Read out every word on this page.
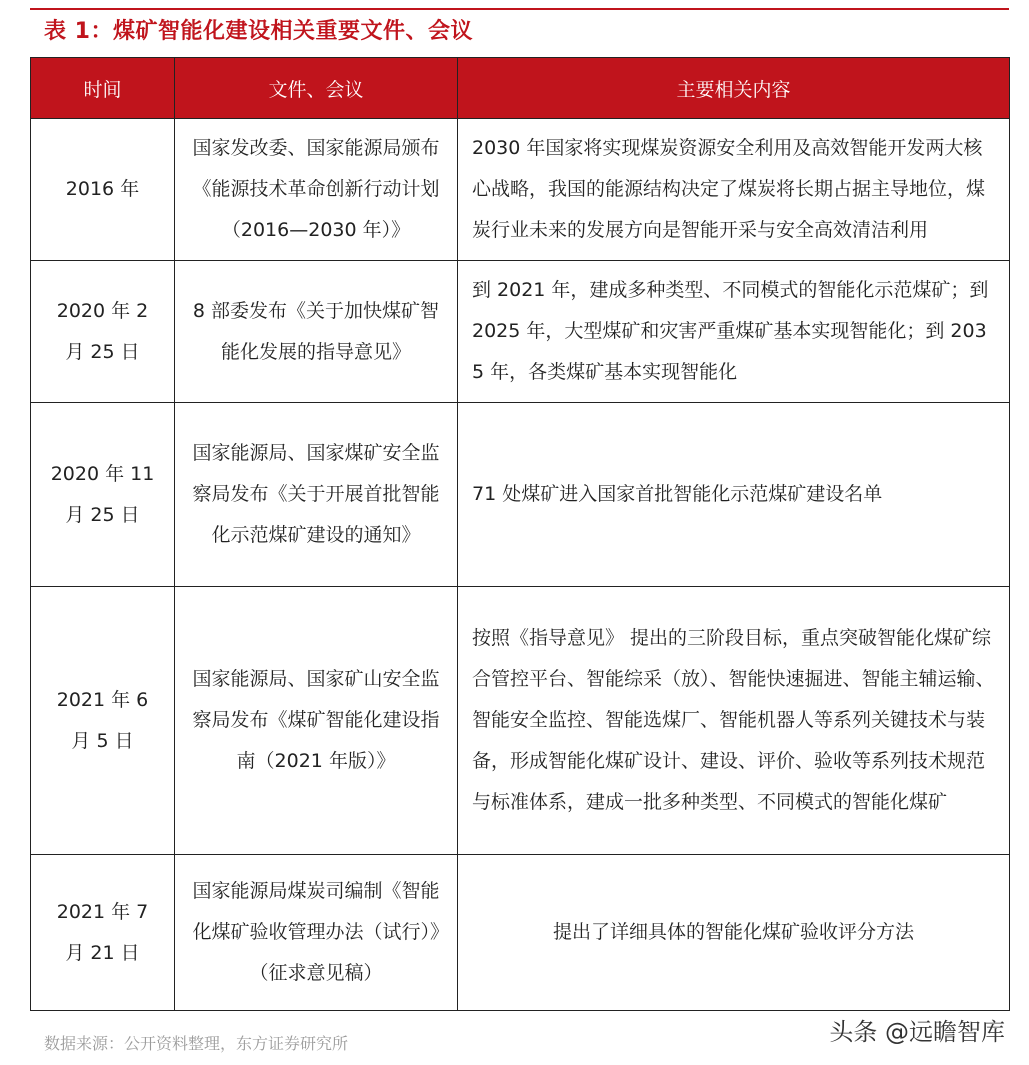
表 1：煤矿智能化建设相关重要文件、会议
时间	文件、会议	主要相关内容
2016 年	国家发改委、国家能源局颁布《能源技术革命创新行动计划（2016—2030 年）》	2030 年国家将实现煤炭资源安全利用及高效智能开发两大核心战略，我国的能源结构决定了煤炭将长期占据主导地位，煤炭行业未来的发展方向是智能开采与安全高效清洁利用
2020 年 2 月 25 日	8 部委发布《关于加快煤矿智能化发展的指导意见》	到 2021 年，建成多种类型、不同模式的智能化示范煤矿；到 2025 年，大型煤矿和灾害严重煤矿基本实现智能化；到 2035 年，各类煤矿基本实现智能化
2020 年 11 月 25 日	国家能源局、国家煤矿安全监察局发布《关于开展首批智能化示范煤矿建设的通知》	71 处煤矿进入国家首批智能化示范煤矿建设名单
2021 年 6 月 5 日	国家能源局、国家矿山安全监察局发布《煤矿智能化建设指南（2021 年版）》	按照《指导意见》 提出的三阶段目标，重点突破智能化煤矿综合管控平台、智能综采（放）、智能快速掘进、智能主辅运输、智能安全监控、智能选煤厂、智能机器人等系列关键技术与装备，形成智能化煤矿设计、建设、评价、验收等系列技术规范与标准体系，建成一批多种类型、不同模式的智能化煤矿
2021 年 7 月 21 日	国家能源局煤炭司编制《智能化煤矿验收管理办法（试行）》（征求意见稿）	提出了详细具体的智能化煤矿验收评分方法
数据来源：公开资料整理，东方证券研究所	头条 @远瞻智库
